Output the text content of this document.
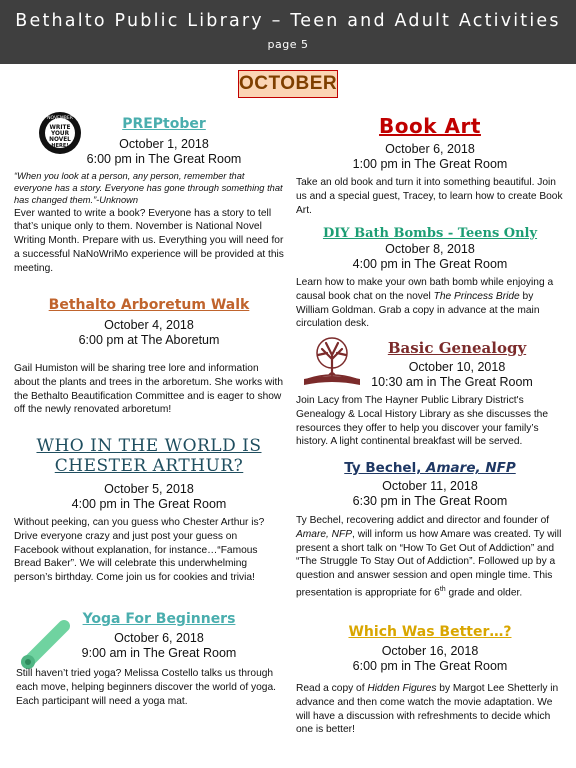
Bethalto Public Library – Teen and Adult Activities
page 5
OCTOBER
NOVEMBER
WRITE
YOUR
NOVEL
HERE!
PREPtober
October 1, 2018
6:00 pm in The Great Room
“When you look at a person, any person, remember that everyone has a story. Everyone has gone through something that has changed them.”-Unknown
Ever wanted to write a book? Everyone has a story to tell that’s unique only to them. November is National Novel Writing Month. Prepare with us. Everything you will need for a successful NaNoWriMo experience will be provided at this meeting.
Bethalto Arboretum Walk
October 4, 2018
6:00 pm at The Aboretum
Gail Humiston will be sharing tree lore and information about the plants and trees in the arboretum. She works with the Bethalto Beautification Committee and is eager to show off the newly renovated arboretum!
WHO IN THE WORLD IS
CHESTER ARTHUR?
October 5, 2018
4:00 pm in The Great Room
Without peeking, can you guess who Chester Arthur is? Drive everyone crazy and just post your guess on Facebook without explanation, for instance…“Famous Bread Baker”. We will celebrate this underwhelming person’s birthday. Come join us for cookies and trivia!
Yoga For Beginners
October 6, 2018
9:00 am in The Great Room
Still haven’t tried yoga? Melissa Costello talks us through each move, helping beginners discover the world of yoga. Each participant will need a yoga mat.
Book Art
October 6, 2018
1:00 pm in The Great Room
Take an old book and turn it into something beautiful. Join us and a special guest, Tracey, to learn how to create Book Art.
DIY Bath Bombs - Teens Only
October 8, 2018
4:00 pm in The Great Room
Learn how to make your own bath bomb while enjoying a causal book chat on the novel The Princess Bride by William Goldman. Grab a copy in advance at the main circulation desk.
Basic Genealogy
October 10, 2018
10:30 am in The Great Room
Join Lacy from The Hayner Public Library District's Genealogy & Local History Library as she discusses the resources they offer to help you discover your family’s history. A light continental breakfast will be served.
Ty Bechel, Amare, NFP
October 11, 2018
6:30 pm in The Great Room
Ty Bechel, recovering addict and director and founder of Amare, NFP, will inform us how Amare was created. Ty will present a short talk on “How To Get Out of Addiction” and “The Struggle To Stay Out of Addiction”. Followed up by a question and answer session and open mingle time. This presentation is appropriate for 6th grade and older.
Which Was Better…?
October 16, 2018
6:00 pm in The Great Room
Read a copy of Hidden Figures by Margot Lee Shetterly in advance and then come watch the movie adaptation. We will have a discussion with refreshments to decide which one is better!
